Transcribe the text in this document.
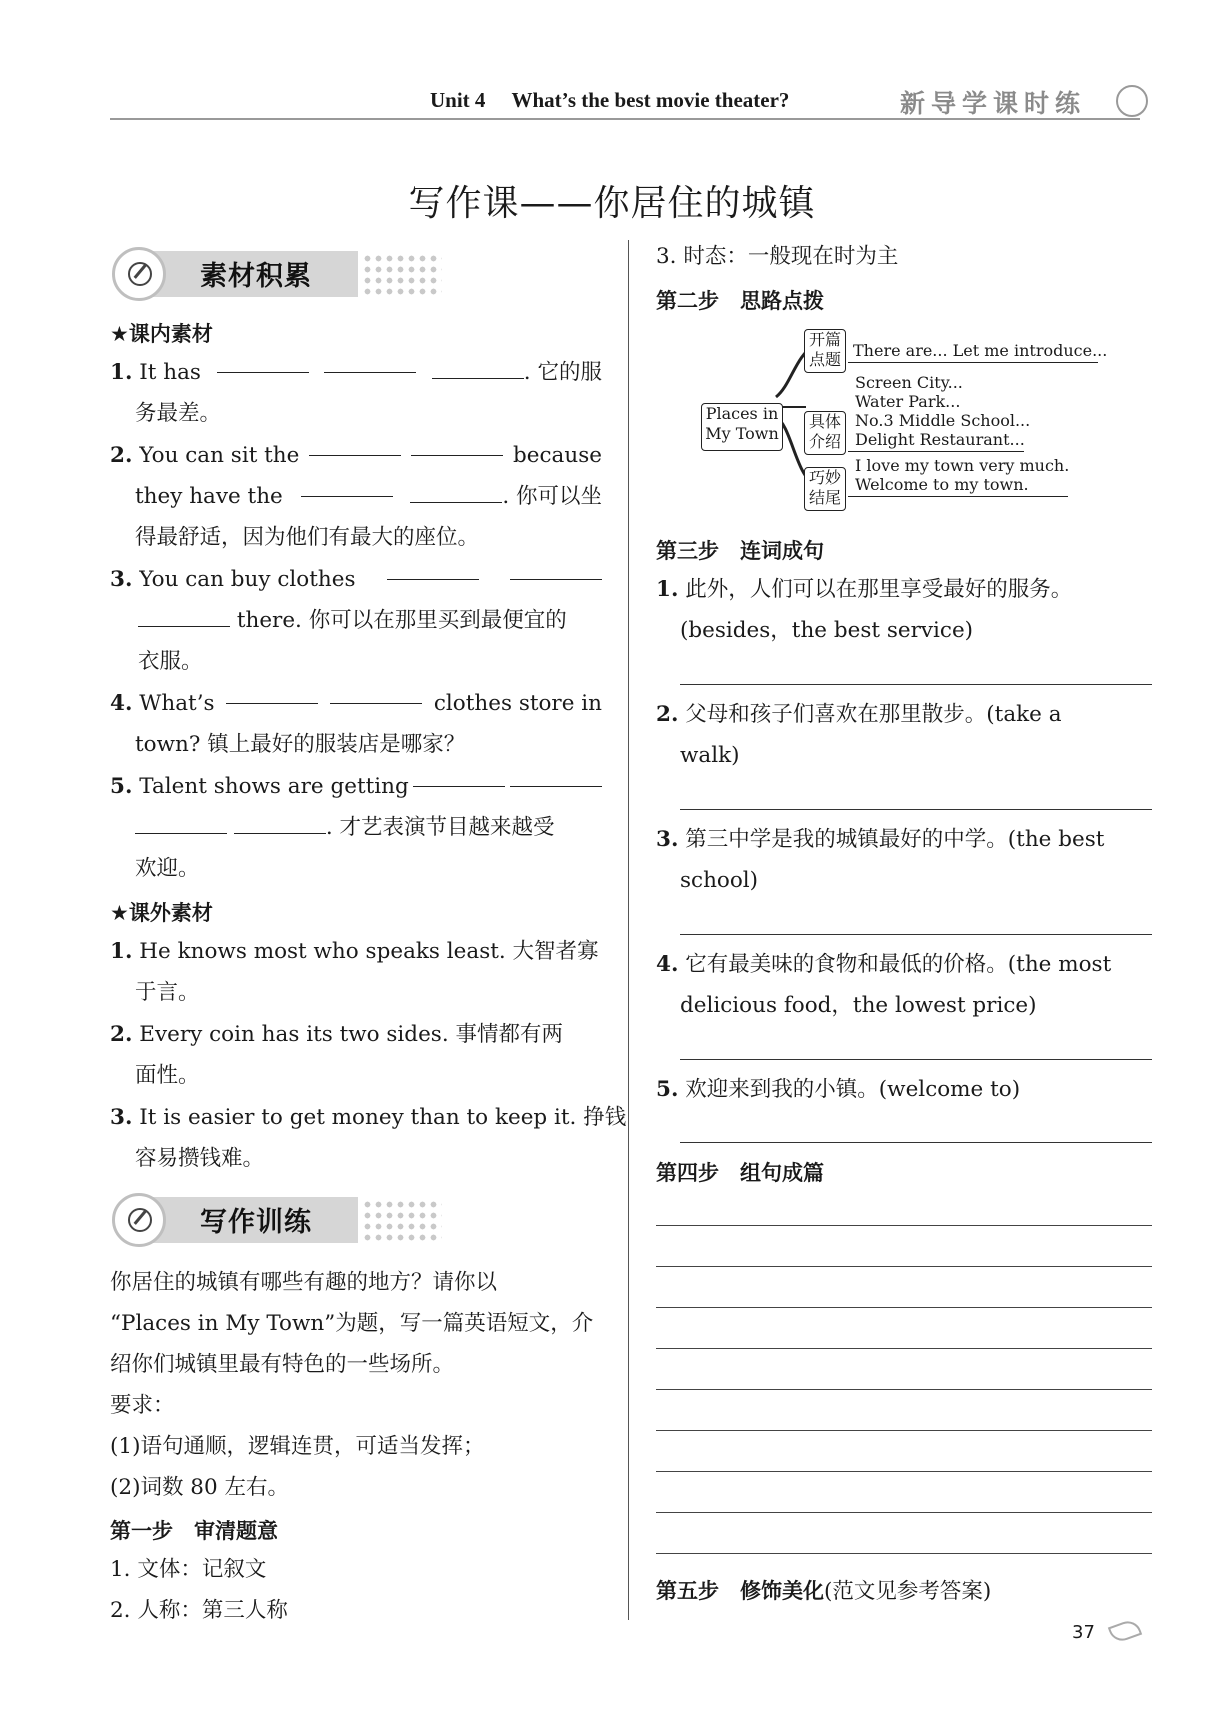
Unit 4 What’s the best movie theater?	新导学课时练
写作课——你居住的城镇
素材积累
★课内素材
1. It has	. 它的服
务最差。
2. You can sit the	because
they have the	. 你可以坐
得最舒适，因为他们有最大的座位。
3. You can buy clothes
there. 你可以在那里买到最便宜的
衣服。
4. What’s	clothes store in
town? 镇上最好的服装店是哪家？
5. Talent shows are getting
. 才艺表演节目越来越受
欢迎。
★课外素材
1. He knows most who speaks least. 大智者寡
于言。
2. Every coin has its two sides. 事情都有两
面性。
3. It is easier to get money than to keep it. 挣钱
容易攒钱难。
写作训练
你居住的城镇有哪些有趣的地方？请你以
“Places in My Town”为题，写一篇英语短文，介
绍你们城镇里最有特色的一些场所。
要求：
(1)语句通顺，逻辑连贯，可适当发挥；
(2)词数 80 左右。
第一步　审清题意
1. 文体：记叙文
2. 人称：第三人称
3. 时态：一般现在时为主
第二步　思路点拨
Places in
My Town
开篇
点题 There are... Let me introduce...
Screen City...
Water Park...
具体
介绍
No.3 Middle School...
Delight Restaurant...
巧妙
结尾
I love my town very much.
Welcome to my town.
第三步　连词成句
1. 此外，人们可以在那里享受最好的服务。
(besides，the best service)
2. 父母和孩子们喜欢在那里散步。(take a
walk)
3. 第三中学是我的城镇最好的中学。(the best
school)
4. 它有最美味的食物和最低的价格。(the most
delicious food，the lowest price)
5. 欢迎来到我的小镇。(welcome to)
第四步　组句成篇
第五步　修饰美化(范文见参考答案)
37
